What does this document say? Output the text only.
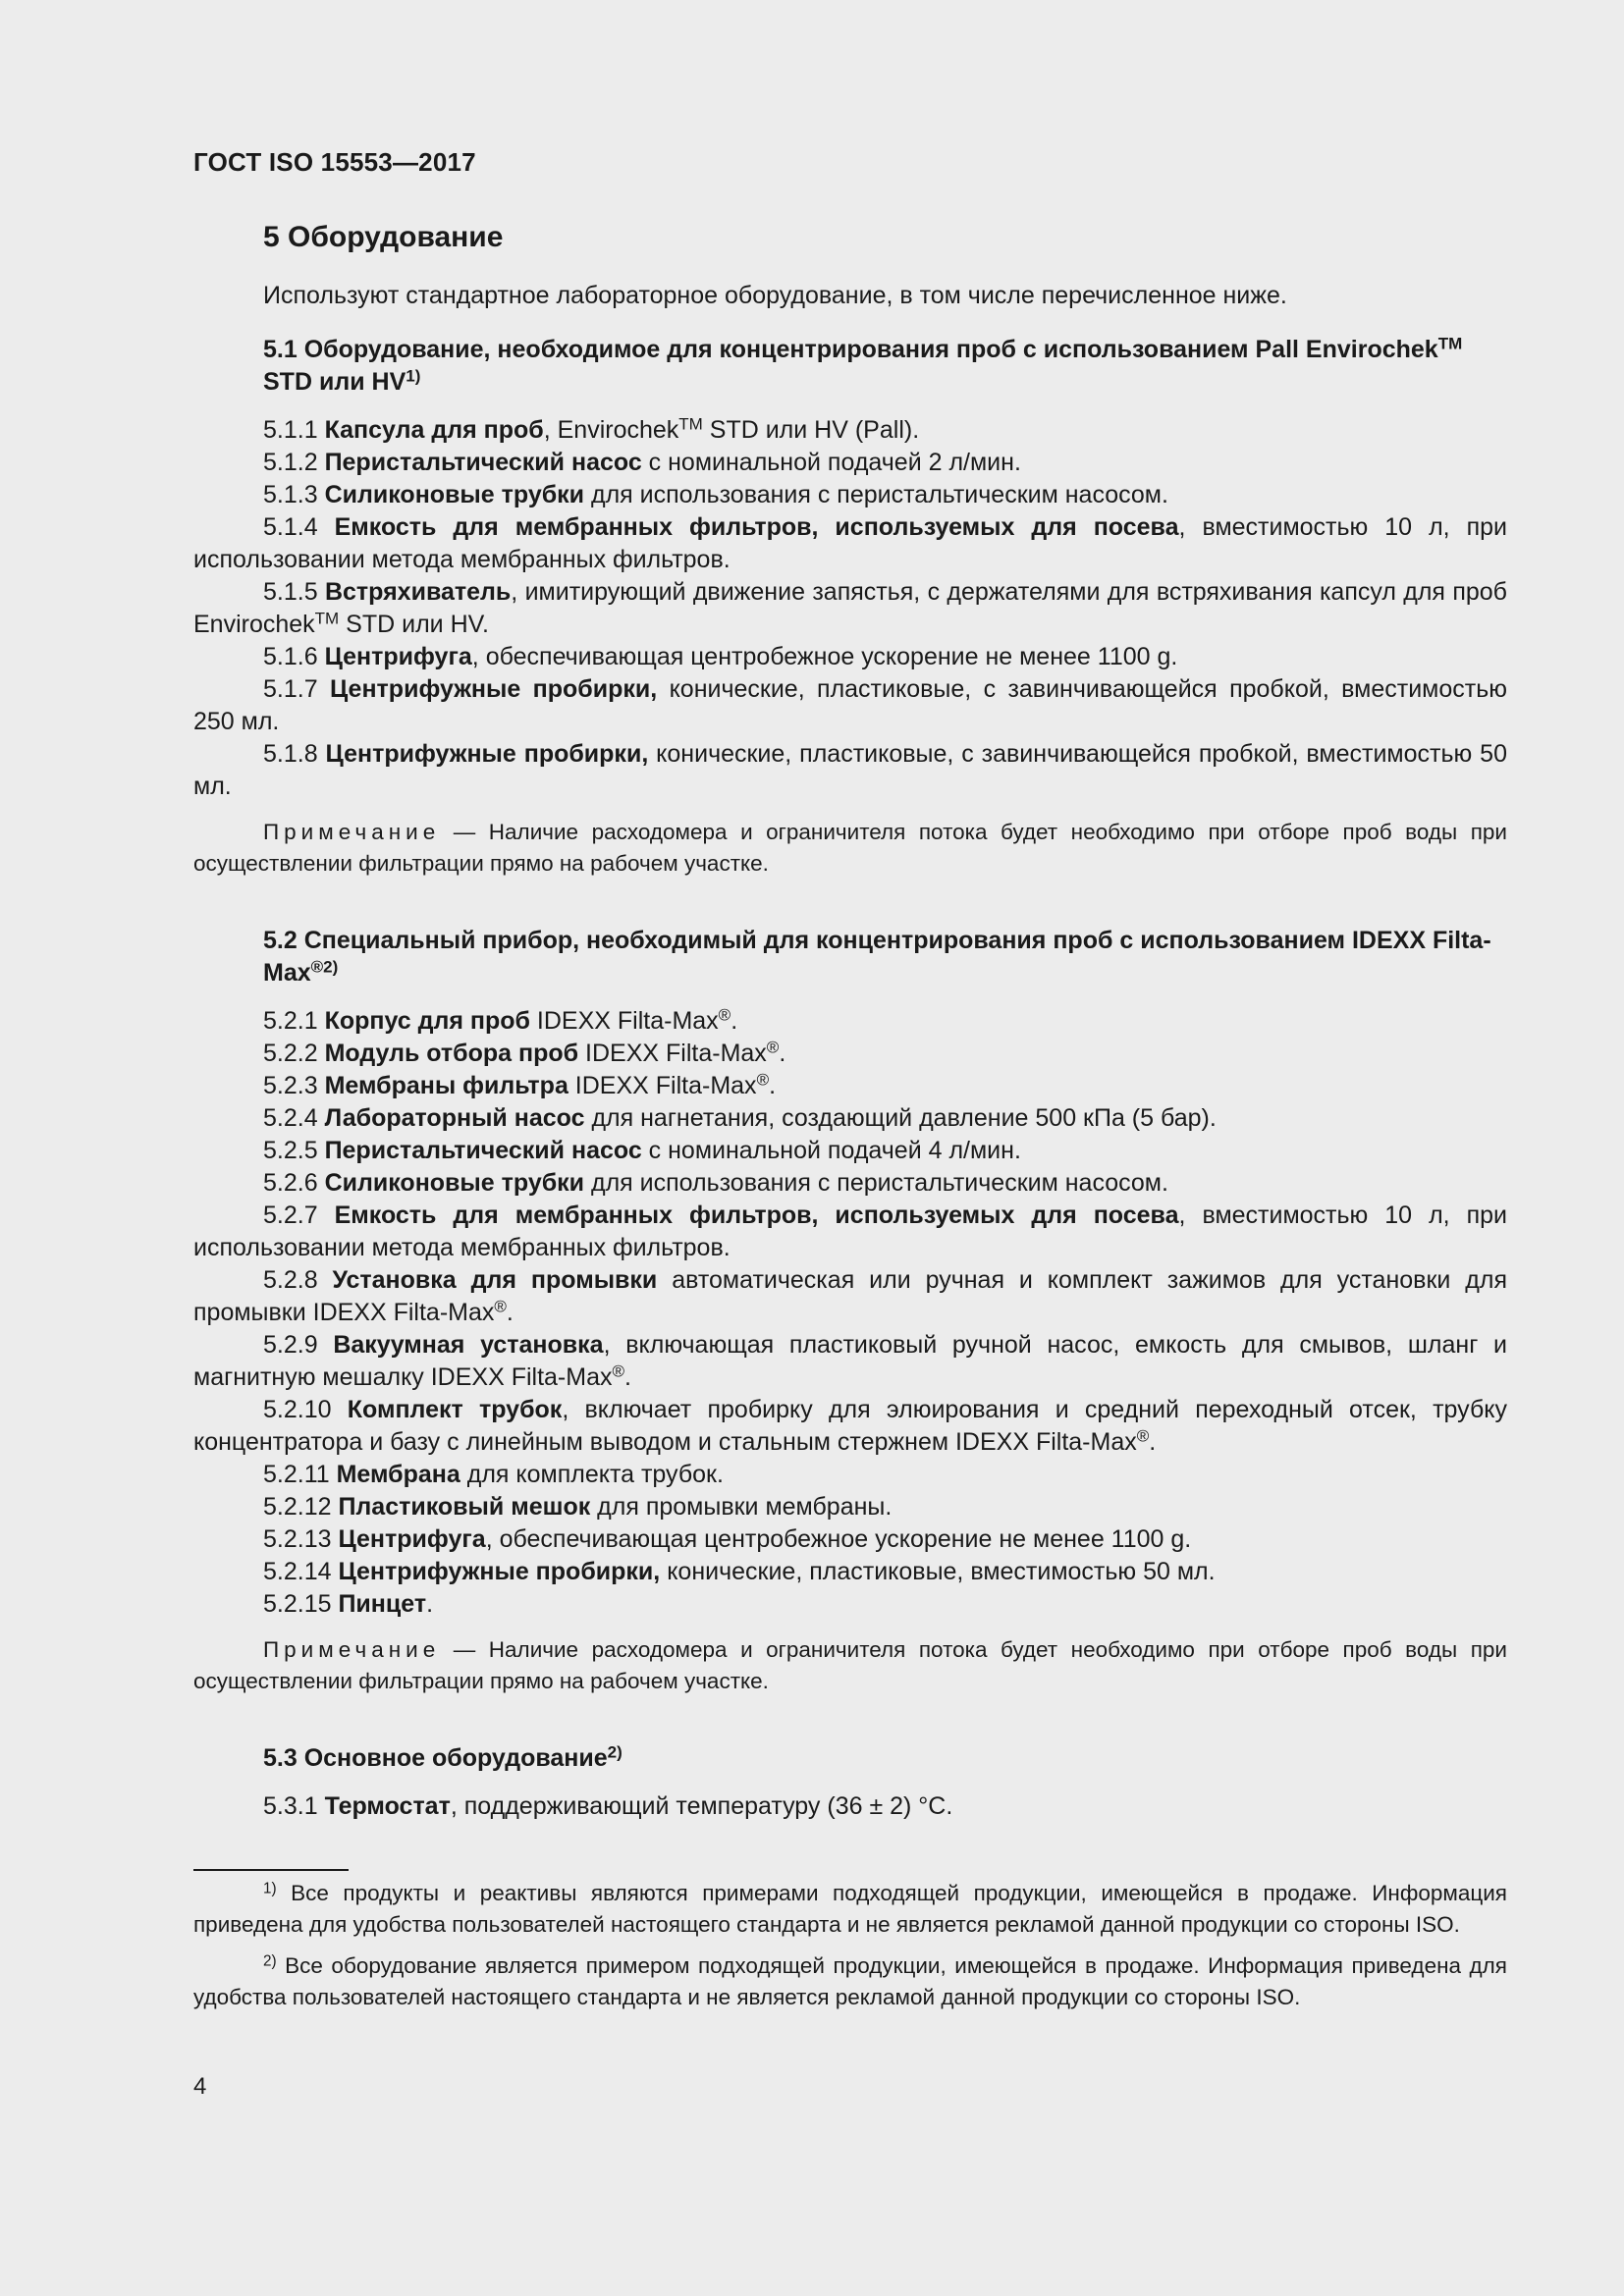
ГОСТ ISO 15553—2017
5 Оборудование

Используют стандартное лабораторное оборудование, в том числе перечисленное ниже.

5.1 Оборудование, необходимое для концентрирования проб с использованием Pall Envirochek™ STD или HV$^{1)}$

5.1.1 Капсула для проб, Envirochek™ STD или HV (Pall).

5.1.2 Перистальтический насос с номинальной подачей 2 л/мин.

5.1.3 Силиконовые трубки для использования с перистальтическим насосом.

5.1.4 Емкость для мембранных фильтров, используемых для посева, вместимостью 10 л, при использовании метода мембранных фильтров.

5.1.5 Встряхиватель, имитирующий движение запястья, с держателями для встряхивания капсул для проб Envirochek™ STD или HV.

5.1.6 Центрифуга, обеспечивающая центробежное ускорение не менее 1100 g.

5.1.7 Центрифужные пробирки, конические, пластиковые, с завинчивающейся пробкой, вместимостью 250 мл.

5.1.8 Центрифужные пробирки, конические, пластиковые, с завинчивающейся пробкой, вместимостью 50 мл.

Примечание — Наличие расходомера и ограничителя потока будет необходимо при отборе проб воды при осуществлении фильтрации прямо на рабочем участке.

5.2 Специальный прибор, необходимый для концентрирования проб с использованием IDEXX Filta-Max$^{®2)}$

5.2.1 Корпус для проб IDEXX Filta-Max®.

5.2.2 Модуль отбора проб IDEXX Filta-Max®.

5.2.3 Мембраны фильтра IDEXX Filta-Max®.

5.2.4 Лабораторный насос для нагнетания, создающий давление 500 кПа (5 бар).

5.2.5 Перистальтический насос с номинальной подачей 4 л/мин.

5.2.6 Силиконовые трубки для использования с перистальтическим насосом.

5.2.7 Емкость для мембранных фильтров, используемых для посева, вместимостью 10 л, при использовании метода мембранных фильтров.

5.2.8 Установка для промывки автоматическая или ручная и комплект зажимов для установки для промывки IDEXX Filta-Max®.

5.2.9 Вакуумная установка, включающая пластиковый ручной насос, емкость для смывов, шланг и магнитную мешалку IDEXX Filta-Max®.

5.2.10 Комплект трубок, включает пробирку для элюирования и средний переходный отсек, трубку концентратора и базу с линейным выводом и стальным стержнем IDEXX Filta-Max®.

5.2.11 Мембрана для комплекта трубок.

5.2.12 Пластиковый мешок для промывки мембраны.

5.2.13 Центрифуга, обеспечивающая центробежное ускорение не менее 1100 g.

5.2.14 Центрифужные пробирки, конические, пластиковые, вместимостью 50 мл.

5.2.15 Пинцет.

Примечание — Наличие расходомера и ограничителя потока будет необходимо при отборе проб воды при осуществлении фильтрации прямо на рабочем участке.

5.3 Основное оборудование$^{2)}$

5.3.1 Термостат, поддерживающий температуру (36 ± 2) °С.

$^{1)}$ Все продукты и реактивы являются примерами подходящей продукции, имеющейся в продаже. Информация приведена для удобства пользователей настоящего стандарта и не является рекламой данной продукции со стороны ISO.

$^{2)}$ Все оборудование является примером подходящей продукции, имеющейся в продаже. Информация приведена для удобства пользователей настоящего стандарта и не является рекламой данной продукции со стороны ISO.

4
